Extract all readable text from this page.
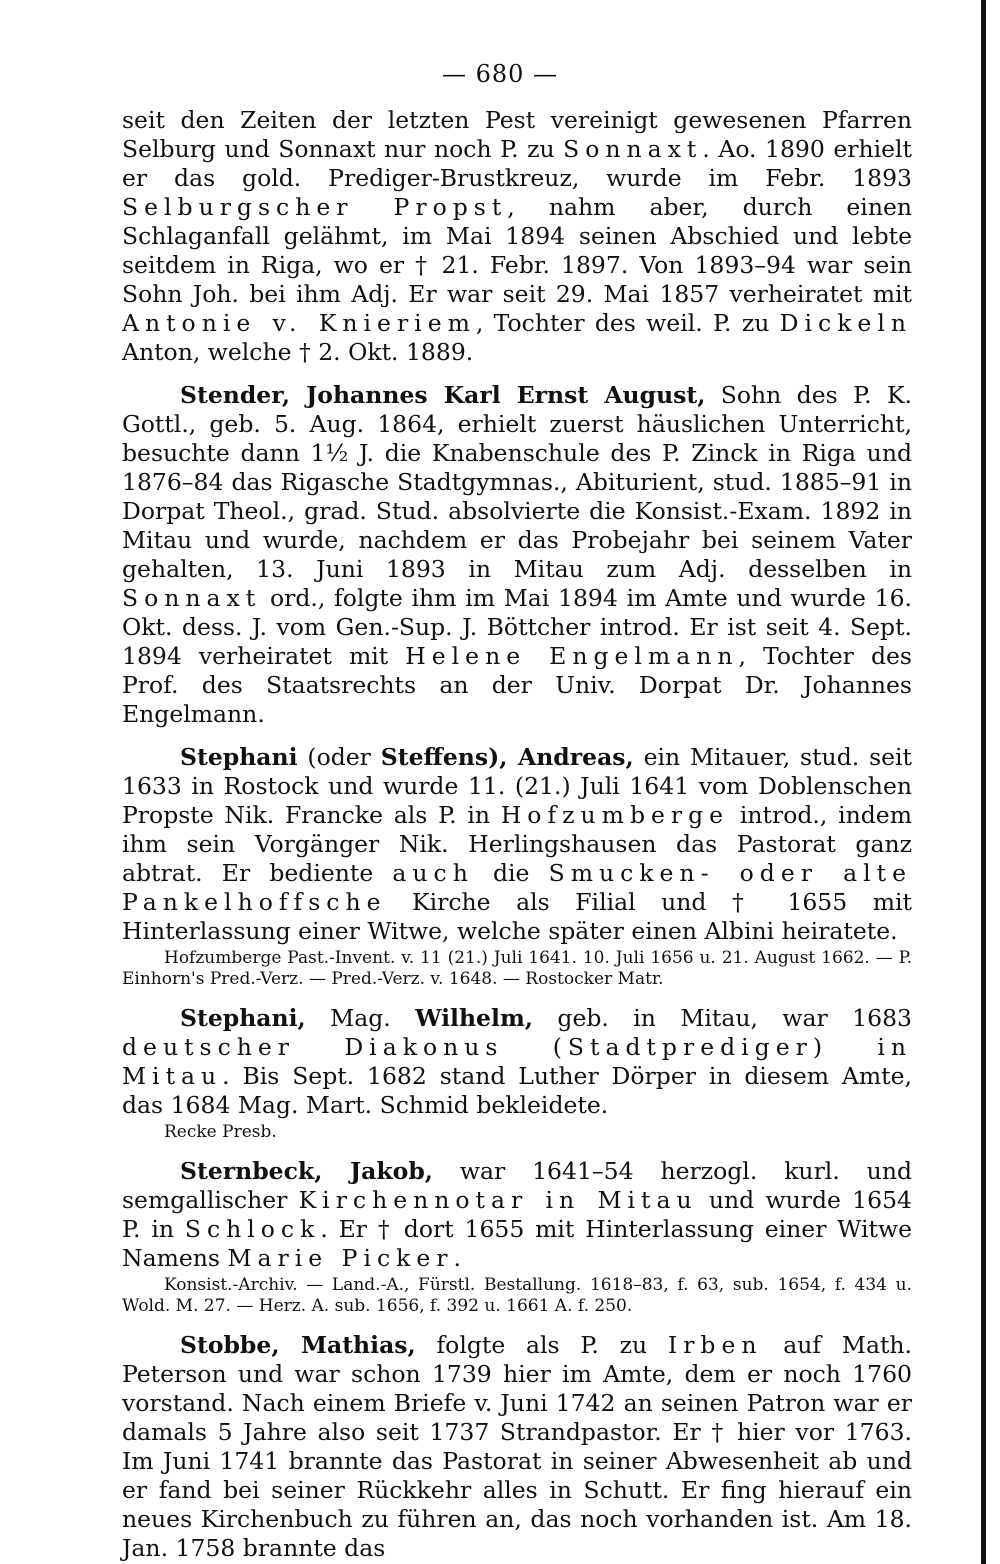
— 680 —

seit den Zeiten der letzten Pest vereinigt gewesenen Pfarren Selburg und Sonnaxt nur noch P. zu Sonnaxt. Ao. 1890 erhielt er das gold. Prediger-Brustkreuz, wurde im Febr. 1893 Selburgscher Propst, nahm aber, durch einen Schlaganfall gelähmt, im Mai 1894 seinen Abschied und lebte seitdem in Riga, wo er † 21. Febr. 1897. Von 1893–94 war sein Sohn Joh. bei ihm Adj. Er war seit 29. Mai 1857 verheiratet mit Antonie v. Knieriem, Tochter des weil. P. zu Dickeln Anton, welche † 2. Okt. 1889.

Stender, Johannes Karl Ernst August, Sohn des P. K. Gottl., geb. 5. Aug. 1864, erhielt zuerst häuslichen Unterricht, besuchte dann 1½ J. die Knabenschule des P. Zinck in Riga und 1876–84 das Rigasche Stadtgymnas., Abiturient, stud. 1885–91 in Dorpat Theol., grad. Stud. absolvierte die Konsist.-Exam. 1892 in Mitau und wurde, nachdem er das Probejahr bei seinem Vater gehalten, 13. Juni 1893 in Mitau zum Adj. desselben in Sonnaxt ord., folgte ihm im Mai 1894 im Amte und wurde 16. Okt. dess. J. vom Gen.-Sup. J. Böttcher introd. Er ist seit 4. Sept. 1894 verheiratet mit Helene Engelmann, Tochter des Prof. des Staatsrechts an der Univ. Dorpat Dr. Johannes Engelmann.

Stephani (oder Steffens), Andreas, ein Mitauer, stud. seit 1633 in Rostock und wurde 11. (21.) Juli 1641 vom Doblenschen Propste Nik. Francke als P. in Hofzumberge introd., indem ihm sein Vorgänger Nik. Herlingshausen das Pastorat ganz abtrat. Er bediente auch die Smucken- oder alte Pankelhoffsche Kirche als Filial und † 1655 mit Hinterlassung einer Witwe, welche später einen Albini heiratete.

Hofzumberge Past.-Invent. v. 11 (21.) Juli 1641. 10. Juli 1656 u. 21. August 1662. — P. Einhorn's Pred.-Verz. — Pred.-Verz. v. 1648. — Rostocker Matr.

Stephani, Mag. Wilhelm, geb. in Mitau, war 1683 deutscher Diakonus (Stadtprediger) in Mitau. Bis Sept. 1682 stand Luther Dörper in diesem Amte, das 1684 Mag. Mart. Schmid bekleidete.

Recke Presb.

Sternbeck, Jakob, war 1641–54 herzogl. kurl. und semgallischer Kirchennotar in Mitau und wurde 1654 P. in Schlock. Er † dort 1655 mit Hinterlassung einer Witwe Namens Marie Picker.

Konsist.-Archiv. — Land.-A., Fürstl. Bestallung. 1618–83, f. 63, sub. 1654, f. 434 u. Wold. M. 27. — Herz. A. sub. 1656, f. 392 u. 1661 A. f. 250.

Stobbe, Mathias, folgte als P. zu Irben auf Math. Peterson und war schon 1739 hier im Amte, dem er noch 1760 vorstand. Nach einem Briefe v. Juni 1742 an seinen Patron war er damals 5 Jahre also seit 1737 Strandpastor. Er † hier vor 1763. Im Juni 1741 brannte das Pastorat in seiner Abwesenheit ab und er fand bei seiner Rückkehr alles in Schutt. Er fing hierauf ein neues Kirchenbuch zu führen an, das noch vorhanden ist. Am 18. Jan. 1758 brannte das
